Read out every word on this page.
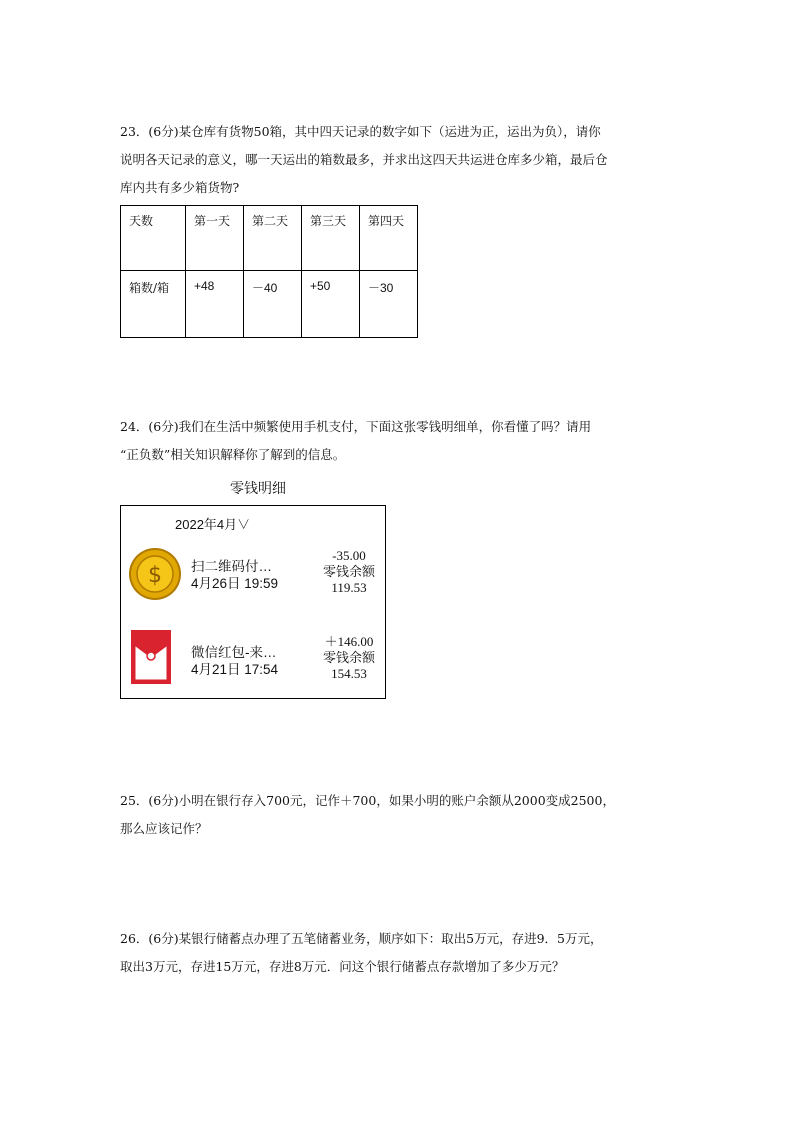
23．(6分)某仓库有货物50箱，其中四天记录的数字如下（运进为正，运出为负），请你

说明各天记录的意义，哪一天运出的箱数最多，并求出这四天共运进仓库多少箱，最后仓

库内共有多少箱货物?

天数	第一天	第二天	第三天	第四天
箱数/箱	+48	－40	+50	－30

24．(6分)我们在生活中频繁使用手机支付，下面这张零钱明细单，你看懂了吗？请用

“正负数”相关知识解释你了解到的信息。

零钱明细
2022年4月∨
$ 扫二维码付…
4月26日 19:59
-35.00
零钱余额
119.53
微信红包-来…
4月21日 17:54
＋146.00
零钱余额
154.53

25．(6分)小明在银行存入700元，记作＋700，如果小明的账户余额从2000变成2500，

那么应该记作？

26．(6分)某银行储蓄点办理了五笔储蓄业务，顺序如下：取出5万元，存进9．5万元，

取出3万元，存进15万元，存进8万元．问这个银行储蓄点存款增加了多少万元？
